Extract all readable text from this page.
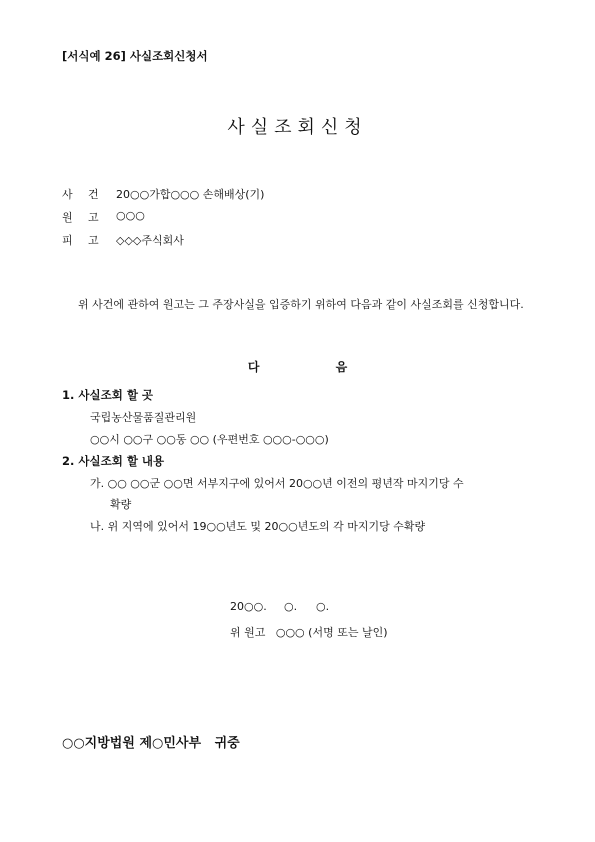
[서식예 26] 사실조회신청서
사실조회신청
사 건 20○○가합○○○ 손해배상(기)
원 고 ○○○
피 고 ◇◇◇주식회사
위 사건에 관하여 원고는 그 주장사실을 입증하기 위하여 다음과 같이 사실조회를 신청합니다.
다 음
1. 사실조회 할 곳
국립농산물품질관리원
○○시 ○○구 ○○동 ○○ (우편번호 ○○○-○○○)
2. 사실조회 할 내용
가. ○○ ○○군 ○○면 서부지구에 있어서 20○○년 이전의 평년작 마지기당 수
확량
나. 위 지역에 있어서 19○○년도 및 20○○년도의 각 마지기당 수확량
20○○. ○. ○.
위 원고   ○○○ (서명 또는 날인)
○○지방법원 제○민사부   귀중
